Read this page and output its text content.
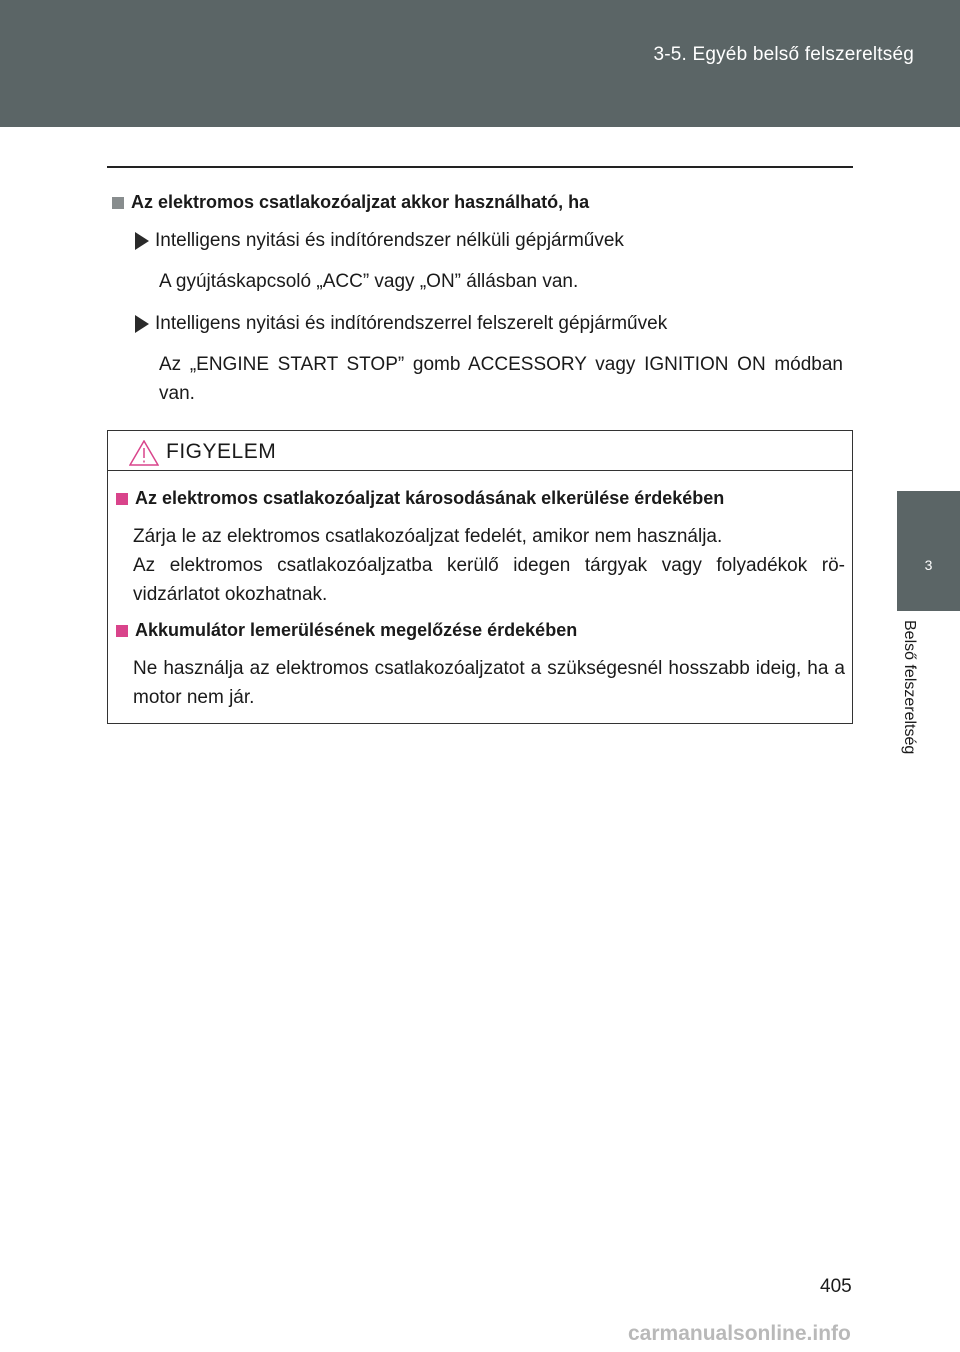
3-5. Egyéb belső felszereltség
3
Belső felszereltség
Az elektromos csatlakozóaljzat akkor használható, ha
Intelligens nyitási és indítórendszer nélküli gépjárművek
A gyújtáskapcsoló „ACC” vagy „ON” állásban van.
Intelligens nyitási és indítórendszerrel felszerelt gépjárművek
Az „ENGINE START STOP” gomb ACCESSORY vagy IGNITION ON módban van.
FIGYELEM
Az elektromos csatlakozóaljzat károsodásának elkerülése érdekében
Zárja le az elektromos csatlakozóaljzat fedelét, amikor nem használja.
Az elektromos csatlakozóaljzatba kerülő idegen tárgyak vagy folyadékok rö-vidzárlatot okozhatnak.
Akkumulátor lemerülésének megelőzése érdekében
Ne használja az elektromos csatlakozóaljzatot a szükségesnél hosszabb ideig, ha a motor nem jár.
405
carmanualsonline.info
